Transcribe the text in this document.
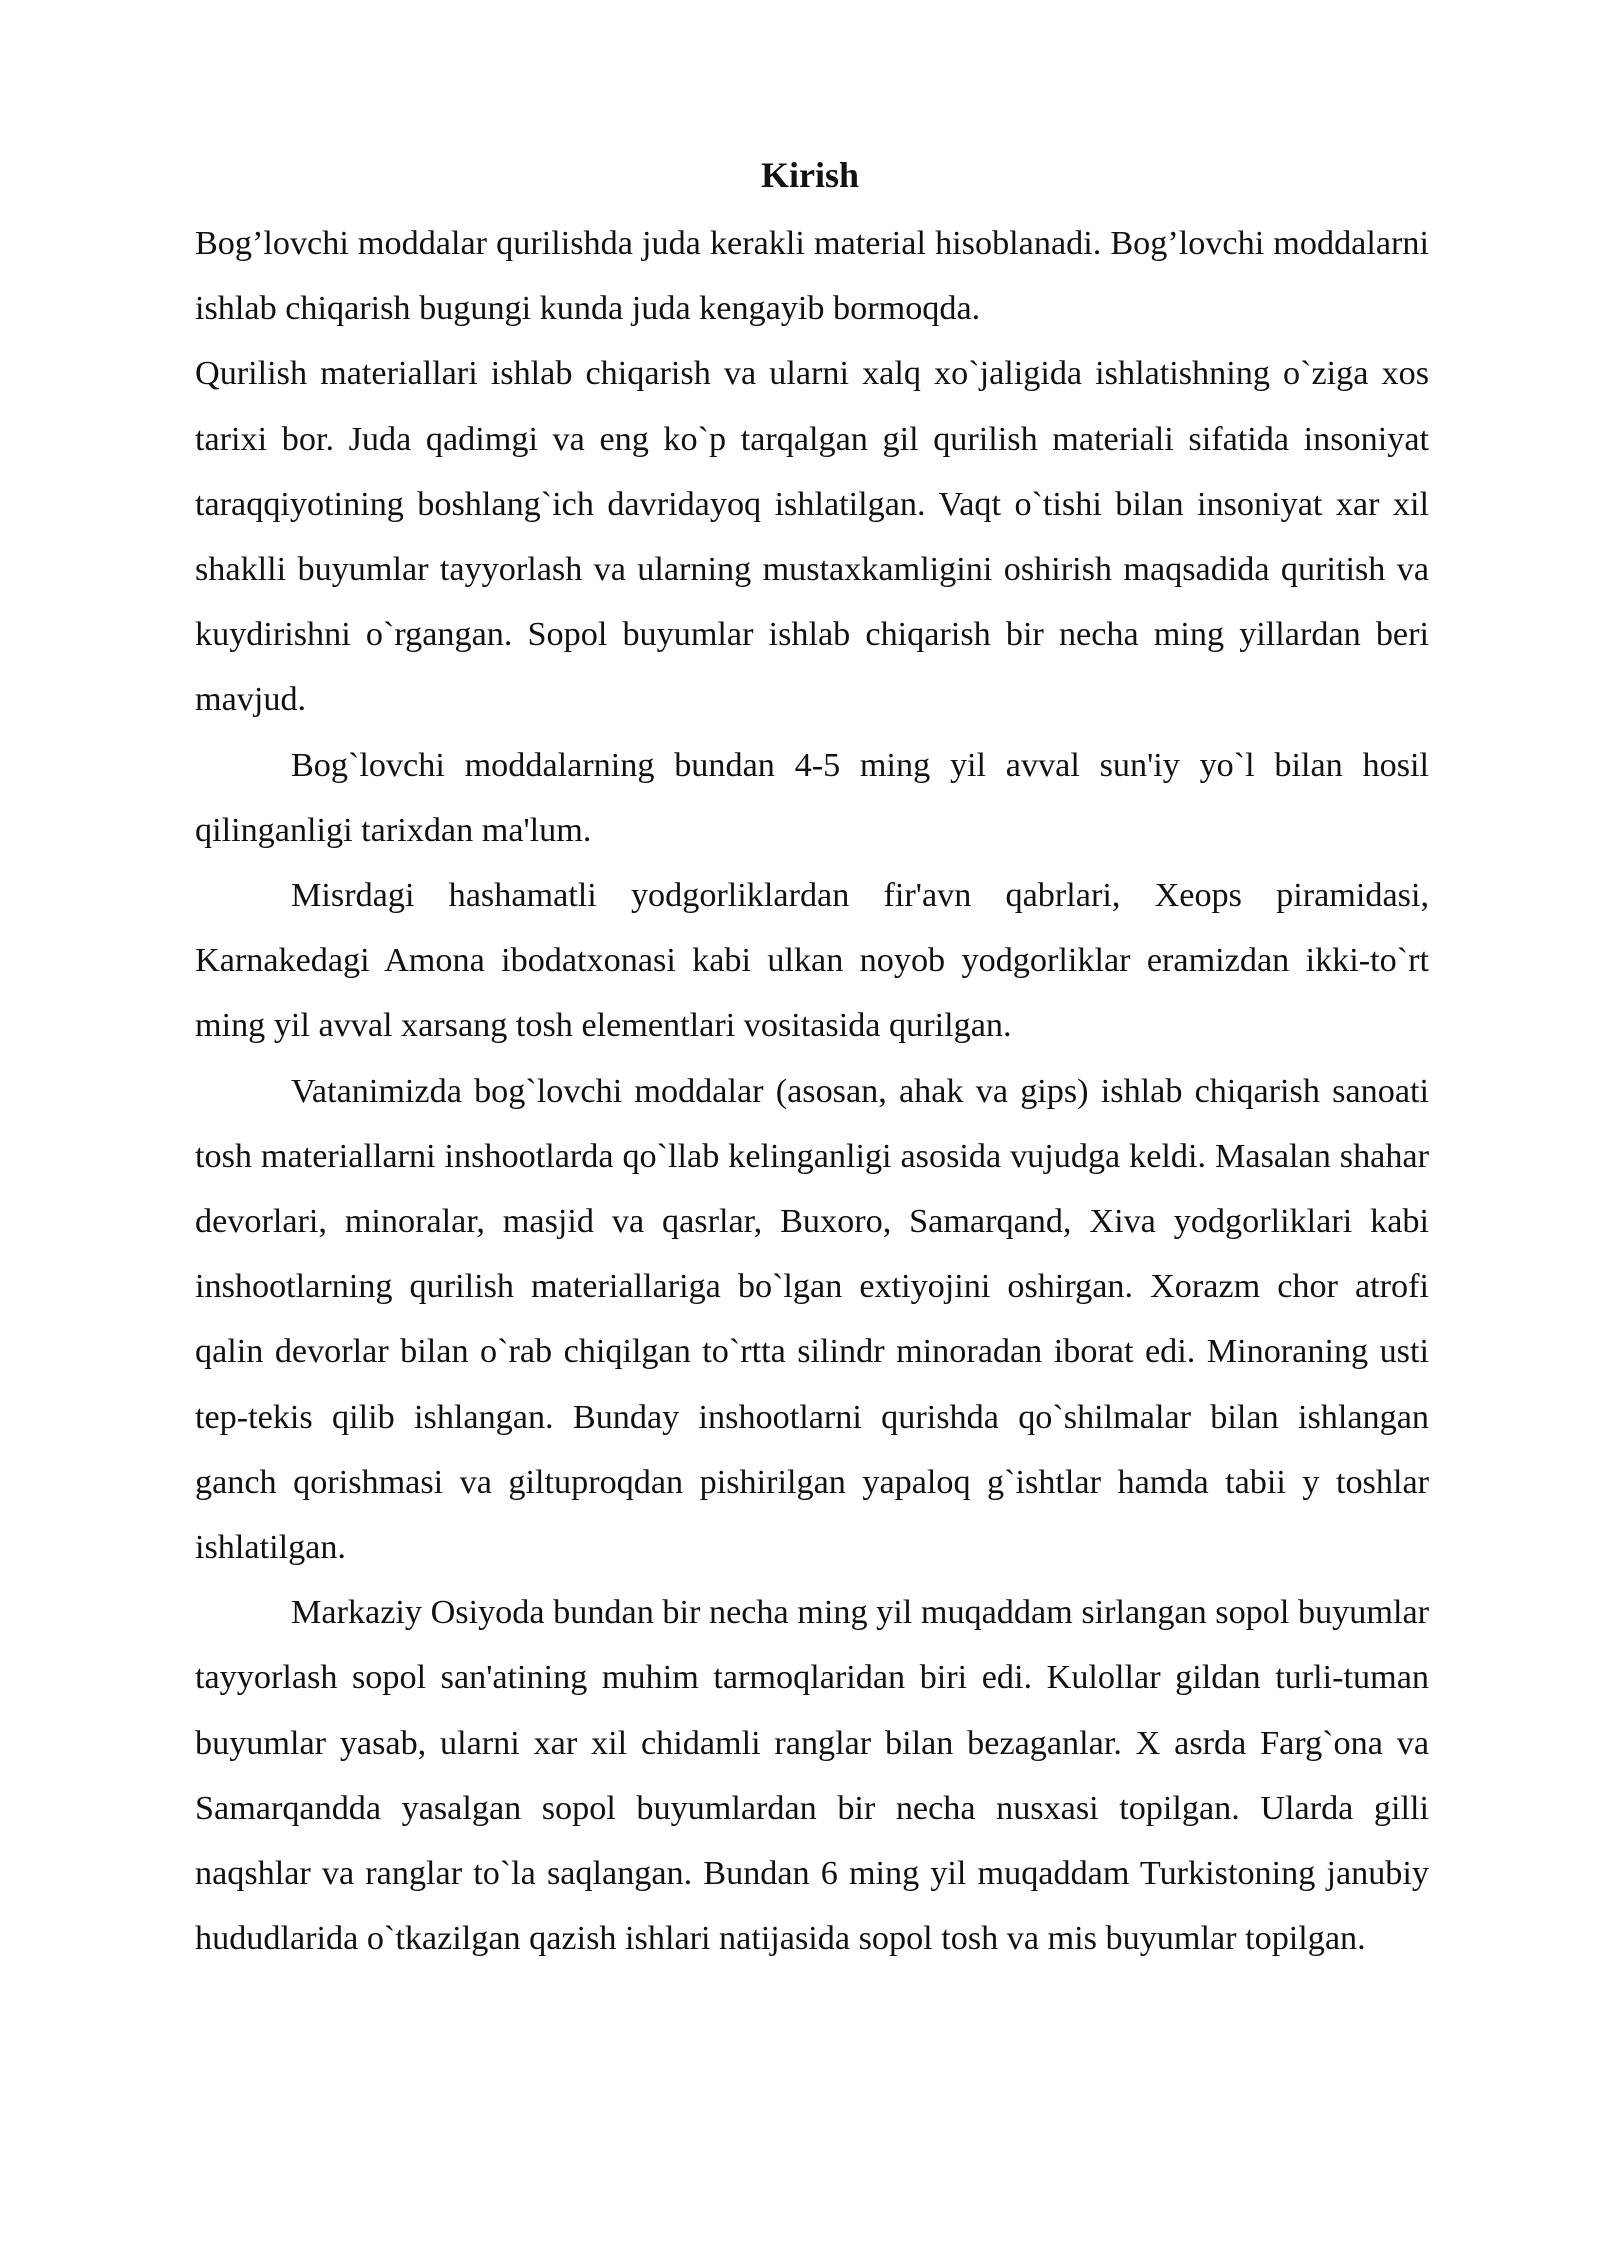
Kirish

Bog’lovchi moddalar qurilishda juda kerakli material hisoblanadi. Bog’lovchi moddalarni ishlab chiqarish bugungi kunda juda kengayib bormoqda.

Qurilish materiallari ishlab chiqarish va ularni xalq xo`jaligida ishlatishning o`ziga xos tarixi bor. Juda qadimgi va eng ko`p tarqalgan gil qurilish materiali sifatida insoniyat taraqqiyotining boshlang`ich davridayoq ishlatilgan. Vaqt o`tishi bilan insoniyat xar xil shaklli buyumlar tayyorlash va ularning mustaxkamligini oshirish maqsadida quritish va kuydirishni o`rgangan. Sopol buyumlar ishlab chiqarish bir necha ming yillardan beri mavjud.

Bog`lovchi moddalarning bundan 4-5 ming yil avval sun'iy yo`l bilan hosil qilinganligi tarixdan ma'lum.

Misrdagi hashamatli yodgorliklardan fir'avn qabrlari, Xeops piramidasi, Karnakedagi Amona ibodatxonasi kabi ulkan noyob yodgorliklar eramizdan ikki-to`rt ming yil avval xarsang tosh elementlari vositasida qurilgan.

Vatanimizda bog`lovchi moddalar (asosan, ahak va gips) ishlab chiqarish sanoati tosh materiallarni inshootlarda qo`llab kelinganligi asosida vujudga keldi. Masalan shahar devorlari, minoralar, masjid va qasrlar, Buxoro, Samarqand, Xiva yodgorliklari kabi inshootlarning qurilish materiallariga bo`lgan extiyojini oshirgan. Xorazm chor atrofi qalin devorlar bilan o`rab chiqilgan to`rtta silindr minoradan iborat edi. Minoraning usti tep-tekis qilib ishlangan. Bunday inshootlarni qurishda qo`shilmalar bilan ishlangan ganch qorishmasi va giltuproqdan pishirilgan yapaloq g`ishtlar hamda tabii y toshlar ishlatilgan.

Markaziy Osiyoda bundan bir necha ming yil muqaddam sirlangan sopol buyumlar tayyorlash sopol san'atining muhim tarmoqlaridan biri edi. Kulollar gildan turli-tuman buyumlar yasab, ularni xar xil chidamli ranglar bilan bezaganlar. X asrda Farg`ona va Samarqandda yasalgan sopol buyumlardan bir necha nusxasi topilgan. Ularda gilli naqshlar va ranglar to`la saqlangan. Bundan 6 ming yil muqaddam Turkistoning janubiy hududlarida o`tkazilgan qazish ishlari natijasida sopol tosh va mis buyumlar topilgan.
